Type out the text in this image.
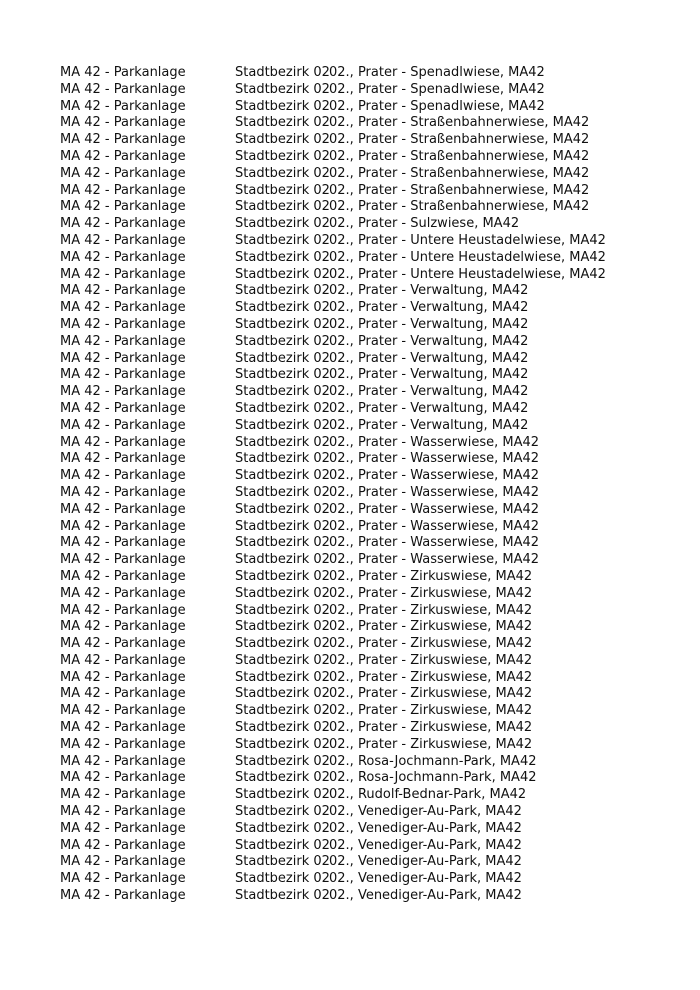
MA 42 - Parkanlage	Stadtbezirk 02 02., Prater - Spenadlwiese, MA42
MA 42 - Parkanlage	Stadtbezirk 02 02., Prater - Spenadlwiese, MA42
MA 42 - Parkanlage	Stadtbezirk 02 02., Prater - Spenadlwiese, MA42
MA 42 - Parkanlage	Stadtbezirk 02 02., Prater - Straßenbahnerwiese, MA42
MA 42 - Parkanlage	Stadtbezirk 02 02., Prater - Straßenbahnerwiese, MA42
MA 42 - Parkanlage	Stadtbezirk 02 02., Prater - Straßenbahnerwiese, MA42
MA 42 - Parkanlage	Stadtbezirk 02 02., Prater - Straßenbahnerwiese, MA42
MA 42 - Parkanlage	Stadtbezirk 02 02., Prater - Straßenbahnerwiese, MA42
MA 42 - Parkanlage	Stadtbezirk 02 02., Prater - Straßenbahnerwiese, MA42
MA 42 - Parkanlage	Stadtbezirk 02 02., Prater - Sulzwiese, MA42
MA 42 - Parkanlage	Stadtbezirk 02 02., Prater - Untere Heustadelwiese, MA42
MA 42 - Parkanlage	Stadtbezirk 02 02., Prater - Untere Heustadelwiese, MA42
MA 42 - Parkanlage	Stadtbezirk 02 02., Prater - Untere Heustadelwiese, MA42
MA 42 - Parkanlage	Stadtbezirk 02 02., Prater - Verwaltung, MA42
MA 42 - Parkanlage	Stadtbezirk 02 02., Prater - Verwaltung, MA42
MA 42 - Parkanlage	Stadtbezirk 02 02., Prater - Verwaltung, MA42
MA 42 - Parkanlage	Stadtbezirk 02 02., Prater - Verwaltung, MA42
MA 42 - Parkanlage	Stadtbezirk 02 02., Prater - Verwaltung, MA42
MA 42 - Parkanlage	Stadtbezirk 02 02., Prater - Verwaltung, MA42
MA 42 - Parkanlage	Stadtbezirk 02 02., Prater - Verwaltung, MA42
MA 42 - Parkanlage	Stadtbezirk 02 02., Prater - Verwaltung, MA42
MA 42 - Parkanlage	Stadtbezirk 02 02., Prater - Verwaltung, MA42
MA 42 - Parkanlage	Stadtbezirk 02 02., Prater - Wasserwiese, MA42
MA 42 - Parkanlage	Stadtbezirk 02 02., Prater - Wasserwiese, MA42
MA 42 - Parkanlage	Stadtbezirk 02 02., Prater - Wasserwiese, MA42
MA 42 - Parkanlage	Stadtbezirk 02 02., Prater - Wasserwiese, MA42
MA 42 - Parkanlage	Stadtbezirk 02 02., Prater - Wasserwiese, MA42
MA 42 - Parkanlage	Stadtbezirk 02 02., Prater - Wasserwiese, MA42
MA 42 - Parkanlage	Stadtbezirk 02 02., Prater - Wasserwiese, MA42
MA 42 - Parkanlage	Stadtbezirk 02 02., Prater - Wasserwiese, MA42
MA 42 - Parkanlage	Stadtbezirk 02 02., Prater - Zirkuswiese, MA42
MA 42 - Parkanlage	Stadtbezirk 02 02., Prater - Zirkuswiese, MA42
MA 42 - Parkanlage	Stadtbezirk 02 02., Prater - Zirkuswiese, MA42
MA 42 - Parkanlage	Stadtbezirk 02 02., Prater - Zirkuswiese, MA42
MA 42 - Parkanlage	Stadtbezirk 02 02., Prater - Zirkuswiese, MA42
MA 42 - Parkanlage	Stadtbezirk 02 02., Prater - Zirkuswiese, MA42
MA 42 - Parkanlage	Stadtbezirk 02 02., Prater - Zirkuswiese, MA42
MA 42 - Parkanlage	Stadtbezirk 02 02., Prater - Zirkuswiese, MA42
MA 42 - Parkanlage	Stadtbezirk 02 02., Prater - Zirkuswiese, MA42
MA 42 - Parkanlage	Stadtbezirk 02 02., Prater - Zirkuswiese, MA42
MA 42 - Parkanlage	Stadtbezirk 02 02., Prater - Zirkuswiese, MA42
MA 42 - Parkanlage	Stadtbezirk 02 02., Rosa-Jochmann-Park, MA42
MA 42 - Parkanlage	Stadtbezirk 02 02., Rosa-Jochmann-Park, MA42
MA 42 - Parkanlage	Stadtbezirk 02 02., Rudolf-Bednar-Park, MA42
MA 42 - Parkanlage	Stadtbezirk 02 02., Venediger-Au-Park, MA42
MA 42 - Parkanlage	Stadtbezirk 02 02., Venediger-Au-Park, MA42
MA 42 - Parkanlage	Stadtbezirk 02 02., Venediger-Au-Park, MA42
MA 42 - Parkanlage	Stadtbezirk 02 02., Venediger-Au-Park, MA42
MA 42 - Parkanlage	Stadtbezirk 02 02., Venediger-Au-Park, MA42
MA 42 - Parkanlage	Stadtbezirk 02 02., Venediger-Au-Park, MA42
